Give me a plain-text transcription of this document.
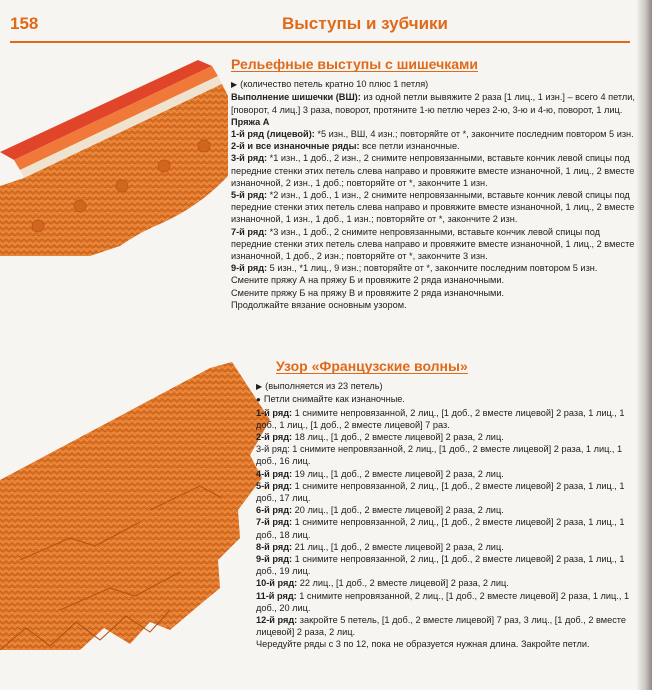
158	Выступы и зубчики
Рельефные выступы с шишечками

▶ (количество петель кратно 10 плюс 1 петля)

Выполнение шишечки (ВШ): из одной петли вывяжите 2 раза [1 лиц., 1 изн.] – всего 4 петли, [поворот, 4 лиц.] 3 раза, поворот, протяните 1-ю петлю через 2-ю, 3-ю и 4-ю, поворот, 1 лиц.

Пряжа А

1-й ряд (лицевой): *5 изн., ВШ, 4 изн.; повторяйте от *, закончите последним повтором 5 изн.

2-й и все изнаночные ряды: все петли изнаночные.

3-й ряд: *1 изн., 1 доб., 2 изн., 2 снимите непровязанными, вставьте кончик левой спицы под передние стенки этих петель слева направо и провяжите вместе изнаночной, 1 лиц., 2 вместе изнаночной, 2 изн., 1 доб.; повторяйте от *, закончите 1 изн.

5-й ряд: *2 изн., 1 доб., 1 изн., 2 снимите непровязанными, вставьте кончик левой спицы под передние стенки этих петель слева направо и провяжите вместе изнаночной, 1 лиц., 2 вместе изнаночной, 1 изн., 1 доб., 1 изн.; повторяйте от *, закончите 2 изн.

7-й ряд: *3 изн., 1 доб., 2 снимите непровязанными, вставьте кончик левой спицы под передние стенки этих петель слева направо и провяжите вместе изнаночной, 1 лиц., 2 вместе изнаночной, 1 доб., 2 изн.; повторяйте от *, закончите 3 изн.

9-й ряд: 5 изн., *1 лиц., 9 изн.; повторяйте от *, закончите последним повтором 5 изн.

Смените пряжу А на пряжу Б и провяжите 2 ряда изнаночными.

Смените пряжу Б на пряжу В и провяжите 2 ряда изнаночными.

Продолжайте вязание основным узором.

Узор «Французские волны»

▶ (выполняется из 23 петель)

● Петли снимайте как изнаночные.

1-й ряд: 1 снимите непровязанной, 2 лиц., [1 доб., 2 вместе лицевой] 2 раза, 1 лиц., 1 доб., 1 лиц., [1 доб., 2 вместе лицевой] 7 раз.

2-й ряд: 18 лиц., [1 доб., 2 вместе лицевой] 2 раза, 2 лиц.

3-й ряд: 1 снимите непровязанной, 2 лиц., [1 доб., 2 вместе лицевой] 2 раза, 1 лиц., 1 доб., 16 лиц.

4-й ряд: 19 лиц., [1 доб., 2 вместе лицевой] 2 раза, 2 лиц.

5-й ряд: 1 снимите непровязанной, 2 лиц., [1 доб., 2 вместе лицевой] 2 раза, 1 лиц., 1 доб., 17 лиц.

6-й ряд: 20 лиц., [1 доб., 2 вместе лицевой] 2 раза, 2 лиц.

7-й ряд: 1 снимите непровязанной, 2 лиц., [1 доб., 2 вместе лицевой] 2 раза, 1 лиц., 1 доб., 18 лиц.

8-й ряд: 21 лиц., [1 доб., 2 вместе лицевой] 2 раза, 2 лиц.

9-й ряд: 1 снимите непровязанной, 2 лиц., [1 доб., 2 вместе лицевой] 2 раза, 1 лиц., 1 доб., 19 лиц.

10-й ряд: 22 лиц., [1 доб., 2 вместе лицевой] 2 раза, 2 лиц.

11-й ряд: 1 снимите непровязанной, 2 лиц., [1 доб., 2 вместе лицевой] 2 раза, 1 лиц., 1 доб., 20 лиц.

12-й ряд: закройте 5 петель, [1 доб., 2 вместе лицевой] 7 раз, 3 лиц., [1 доб., 2 вместе лицевой] 2 раза, 2 лиц.

Чередуйте ряды с 3 по 12, пока не образуется нужная длина. Закройте петли.
